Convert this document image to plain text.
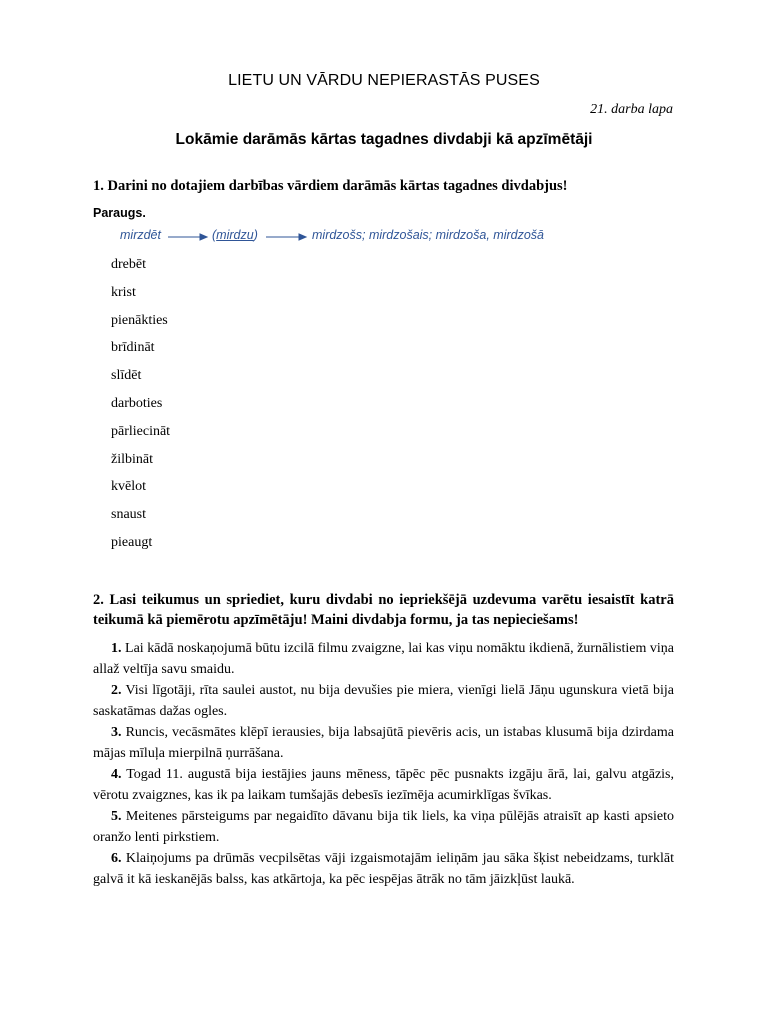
LIETU UN VĀRDU NEPIERASTĀS PUSES
21. darba lapa
Lokāmie darāmās kārtas tagadnes divdabji kā apzīmētāji
1. Darini no dotajiem darbības vārdiem darāmās kārtas tagadnes divdabjus!
Paraugs.
mirzdēt	(mirdzu)	mirdzošs; mirdzošais; mirdzoša, mirdzošā
drebēt
krist
pienākties
brīdināt
slīdēt
darboties
pārliecināt
žilbināt
kvēlot
snaust
pieaugt
2. Lasi teikumus un spriediet, kuru divdabi no iepriekšējā uzdevuma varētu iesaistīt katrā teikumā kā piemērotu apzīmētāju! Maini divdabja formu, ja tas nepieciešams!
1. Lai kādā noskaņojumā būtu izcilā filmu zvaigzne, lai kas viņu nomāktu ikdienā, žurnālistiem viņa allaž veltīja savu smaidu.
2. Visi līgotāji, rīta saulei austot, nu bija devušies pie miera, vienīgi lielā Jāņu ugunskura vietā bija saskatāmas dažas ogles.
3. Runcis, vecāsmātes klēpī ierausies, bija labsajūtā pievēris acis, un istabas klusumā bija dzirdama mājas mīluļa mierpilnā ņurrāšana.
4. Togad 11. augustā bija iestājies jauns mēness, tāpēc pēc pusnakts izgāju ārā, lai, galvu atgāzis, vērotu zvaigznes, kas ik pa laikam tumšajās debesīs iezīmēja acumirklīgas švīkas.
5. Meitenes pārsteigums par negaidīto dāvanu bija tik liels, ka viņa pūlējās atraisīt ap kasti apsieto oranžo lenti pirkstiem.
6. Klaiņojums pa drūmās vecpilsētas vāji izgaismotajām ieliņām jau sāka šķist nebeidzams, turklāt galvā it kā ieskanējās balss, kas atkārtoja, ka pēc iespējas ātrāk no tām jāizkļūst laukā.
